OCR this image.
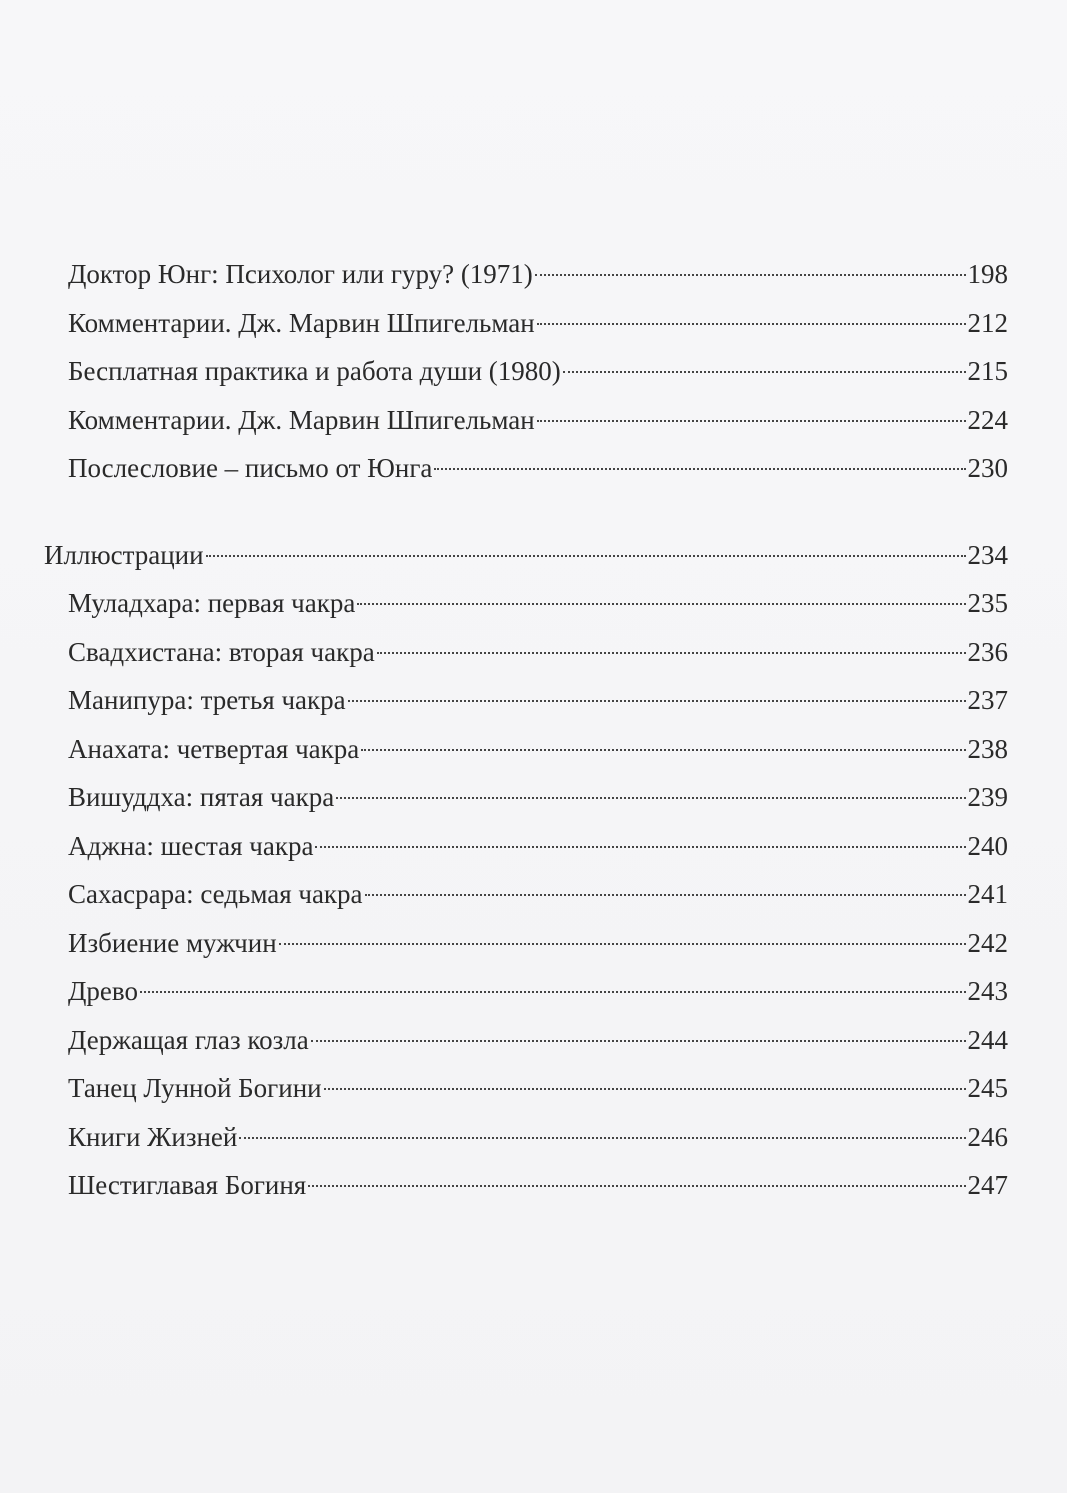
Доктор Юнг: Психолог или гуру? (1971)	198
Комментарии. Дж. Марвин Шпигельман	212
Бесплатная практика и работа души (1980)	215
Комментарии. Дж. Марвин Шпигельман	224
Послесловие – письмо от Юнга	230
Иллюстрации	234
Муладхара: первая чакра	235
Свадхистана: вторая чакра	236
Манипура: третья чакра	237
Анахата: четвертая чакра	238
Вишуддха: пятая чакра	239
Аджна: шестая чакра	240
Сахасрара: седьмая чакра	241
Избиение мужчин	242
Древо	243
Держащая глаз козла	244
Танец Лунной Богини	245
Книги Жизней	246
Шестиглавая Богиня	247
